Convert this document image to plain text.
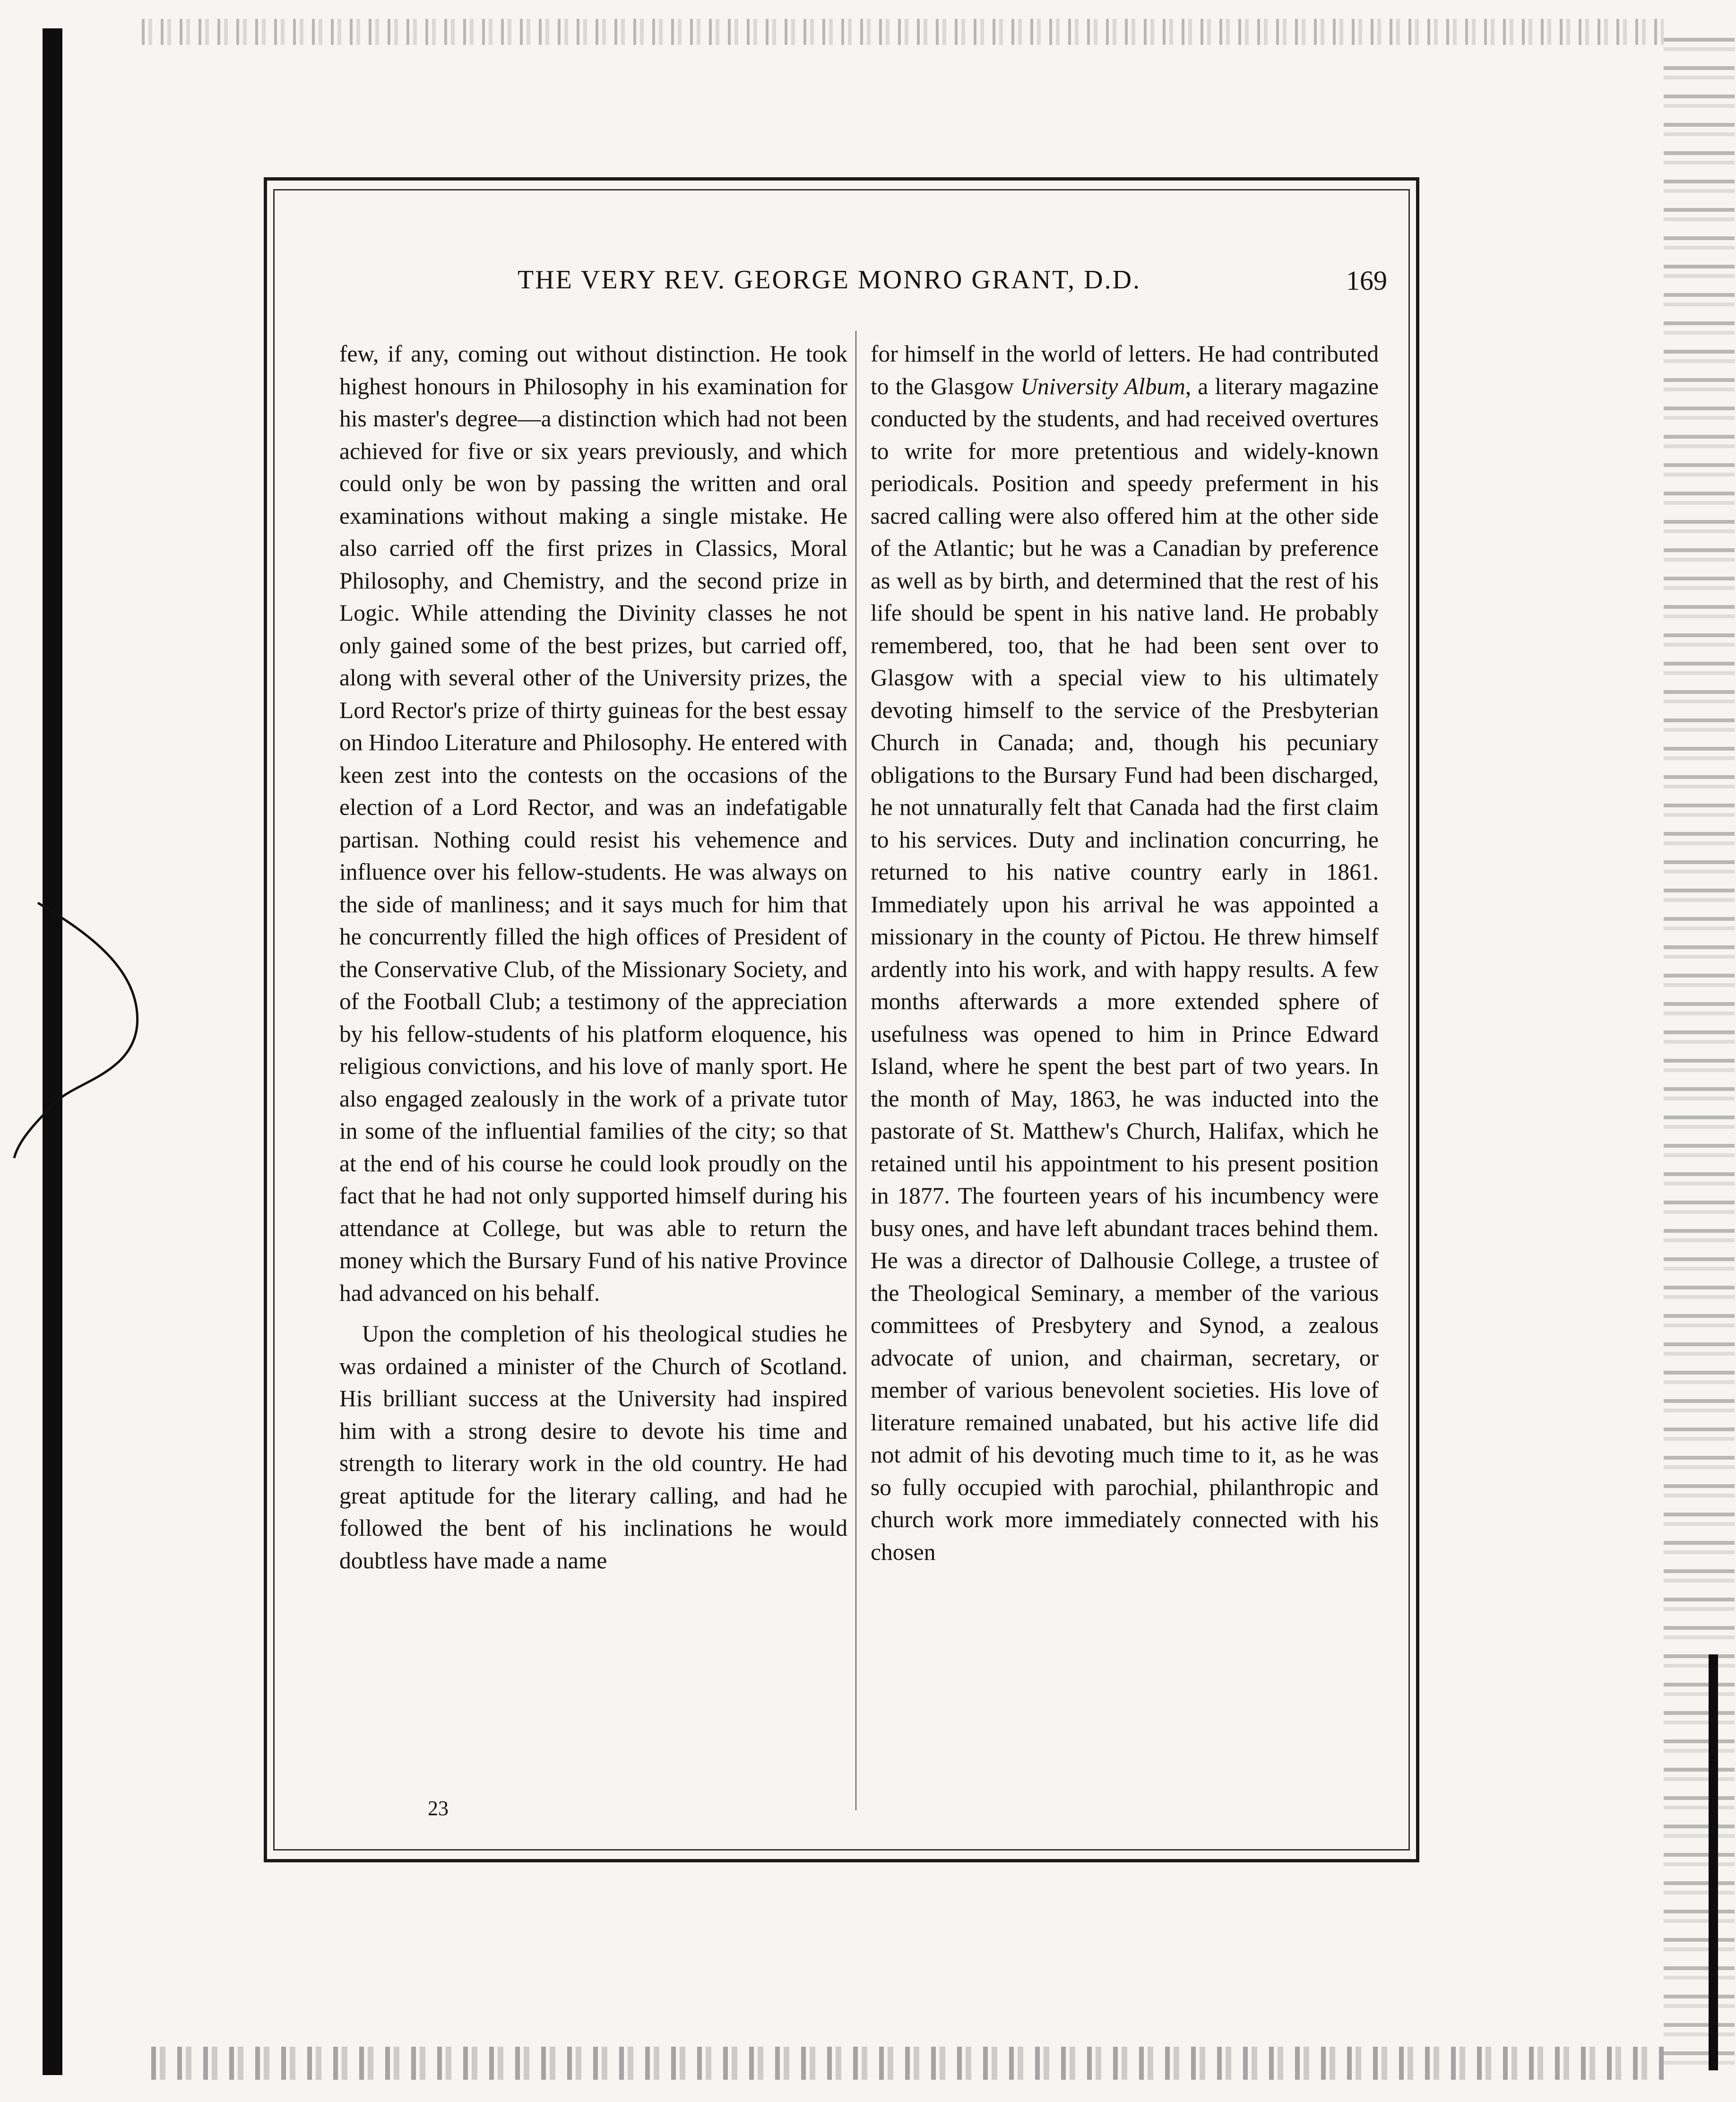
THE VERY REV. GEORGE MONRO GRANT, D.D.	169

few, if any, coming out without distinction. He took highest honours in Philosophy in his examination for his master's degree—a distinction which had not been achieved for five or six years previously, and which could only be won by passing the written and oral examinations without making a single mistake. He also carried off the first prizes in Classics, Moral Philosophy, and Chemistry, and the second prize in Logic. While attending the Divinity classes he not only gained some of the best prizes, but carried off, along with several other of the University prizes, the Lord Rector's prize of thirty guineas for the best essay on Hindoo Literature and Philosophy. He entered with keen zest into the contests on the occasions of the election of a Lord Rector, and was an indefatigable partisan. Nothing could resist his vehemence and influence over his fellow-students. He was always on the side of manliness; and it says much for him that he concurrently filled the high offices of President of the Conservative Club, of the Missionary Society, and of the Football Club; a testimony of the appreciation by his fellow-students of his platform eloquence, his religious convictions, and his love of manly sport. He also engaged zealously in the work of a private tutor in some of the influential families of the city; so that at the end of his course he could look proudly on the fact that he had not only supported himself during his attendance at College, but was able to return the money which the Bursary Fund of his native Province had advanced on his behalf.

Upon the completion of his theological studies he was ordained a minister of the Church of Scotland. His brilliant success at the University had inspired him with a strong desire to devote his time and strength to literary work in the old country. He had great aptitude for the literary calling, and had he followed the bent of his inclinations he would doubtless have made a name

for himself in the world of letters. He had contributed to the Glasgow University Album, a literary magazine conducted by the students, and had received overtures to write for more pretentious and widely-known periodicals. Position and speedy preferment in his sacred calling were also offered him at the other side of the Atlantic; but he was a Canadian by preference as well as by birth, and determined that the rest of his life should be spent in his native land. He probably remembered, too, that he had been sent over to Glasgow with a special view to his ultimately devoting himself to the service of the Presbyterian Church in Canada; and, though his pecuniary obligations to the Bursary Fund had been discharged, he not unnaturally felt that Canada had the first claim to his services. Duty and inclination concurring, he returned to his native country early in 1861. Immediately upon his arrival he was appointed a missionary in the county of Pictou. He threw himself ardently into his work, and with happy results. A few months afterwards a more extended sphere of usefulness was opened to him in Prince Edward Island, where he spent the best part of two years. In the month of May, 1863, he was inducted into the pastorate of St. Matthew's Church, Halifax, which he retained until his appointment to his present position in 1877. The fourteen years of his incumbency were busy ones, and have left abundant traces behind them. He was a director of Dalhousie College, a trustee of the Theological Seminary, a member of the various committees of Presbytery and Synod, a zealous advocate of union, and chairman, secretary, or member of various benevolent societies. His love of literature remained unabated, but his active life did not admit of his devoting much time to it, as he was so fully occupied with parochial, philanthropic and church work more immediately connected with his chosen

23
